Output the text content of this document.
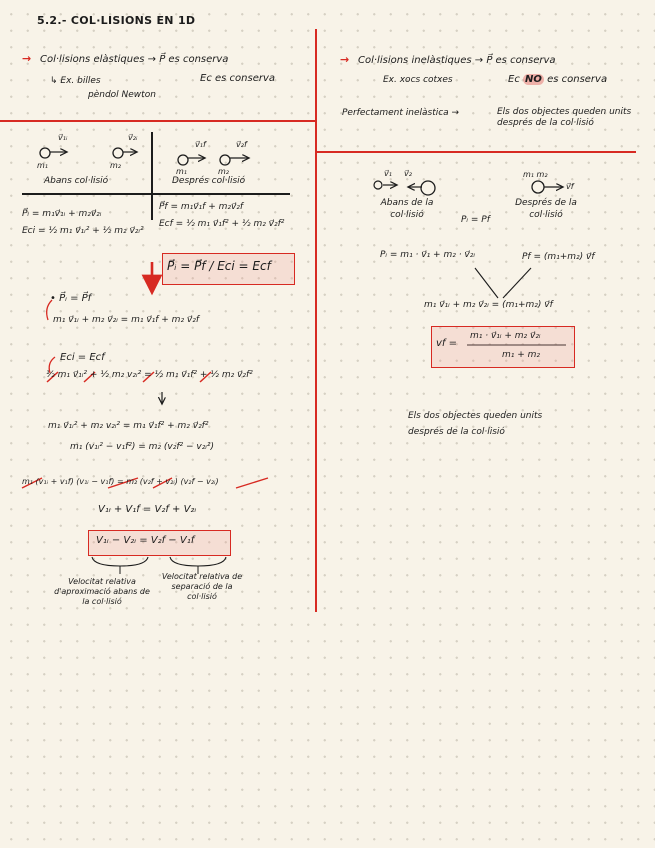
5.2.- COL·LISIONS EN 1D
→ Col·lisions elàstiques → P⃗ es conserva
Ec es conserva
↳ Ex. billes
pèndol Newton
v⃗₁ᵢ	v⃗₂ᵢ
m₁	m₂
v⃗₁f	v⃗₂f
m₁	m₂
Abans col·lisió	Després col·lisió
P⃗ᵢ = m₁v⃗₁ᵢ + m₂v⃗₂ᵢ
Eci = ½ m₁ v⃗₁ᵢ² + ½ m₂ v⃗₂ᵢ²
P⃗f = m₁v⃗₁f + m₂v⃗₂f
Ecf = ½ m₁ v⃗₁f² + ½ m₂ v⃗₂f²
P⃗ᵢ = P⃗f / Eci = Ecf
• P⃗ᵢ = P⃗f
m₁ v⃗₁ᵢ + m₂ v⃗₂ᵢ = m₁ v⃗₁f + m₂ v⃗₂f
Eci = Ecf
½ m₁ v⃗₁ᵢ² + ½ m₂ v₂ᵢ² = ½ m₁ v⃗₁f² + ½ m₂ v⃗₂f²
m₁ v⃗₁ᵢ² + m₂ v₂ᵢ² = m₁ v⃗₁f² + m₂ v⃗₂f²
m₁ (v₁ᵢ² − v₁f²) = m₂ (v₂f² − v₂ᵢ²)
m₁ (v₁ᵢ + v₁f) (v₁ᵢ − v₁f) = m₂ (v₂f + v₂ᵢ) (v₂f − v₂ᵢ)
V₁ᵢ + V₁f = V₂f + V₂ᵢ
V₁ᵢ − V₂ᵢ = V₂f − V₁f
Velocitat relativa d'aproximació abans de la col·lisió
Velocitat relativa de separació de la col·lisió
→ Col·lisions inelàstiques → P⃗ es conserva
Ex. xocs cotxes	Ec NO es conserva
Perfectament inelàstica →	Els dos objectes queden units després de la col·lisió
v⃗₁ v⃗₂
Abans de la col·lisió
m₁ m₂
v⃗f
Després de la col·lisió
Pᵢ = Pf
Pᵢ = m₁ · v⃗₁ + m₂ · v⃗₂ᵢ	Pf = (m₁+m₂) v⃗f
m₁ v⃗₁ᵢ + m₂ v⃗₂ᵢ = (m₁+m₂) v⃗f
vf =
m₁ · v⃗₁ᵢ + m₂ v⃗₂ᵢ
m₁ + m₂
Els dos objectes queden units després de la col·lisió
